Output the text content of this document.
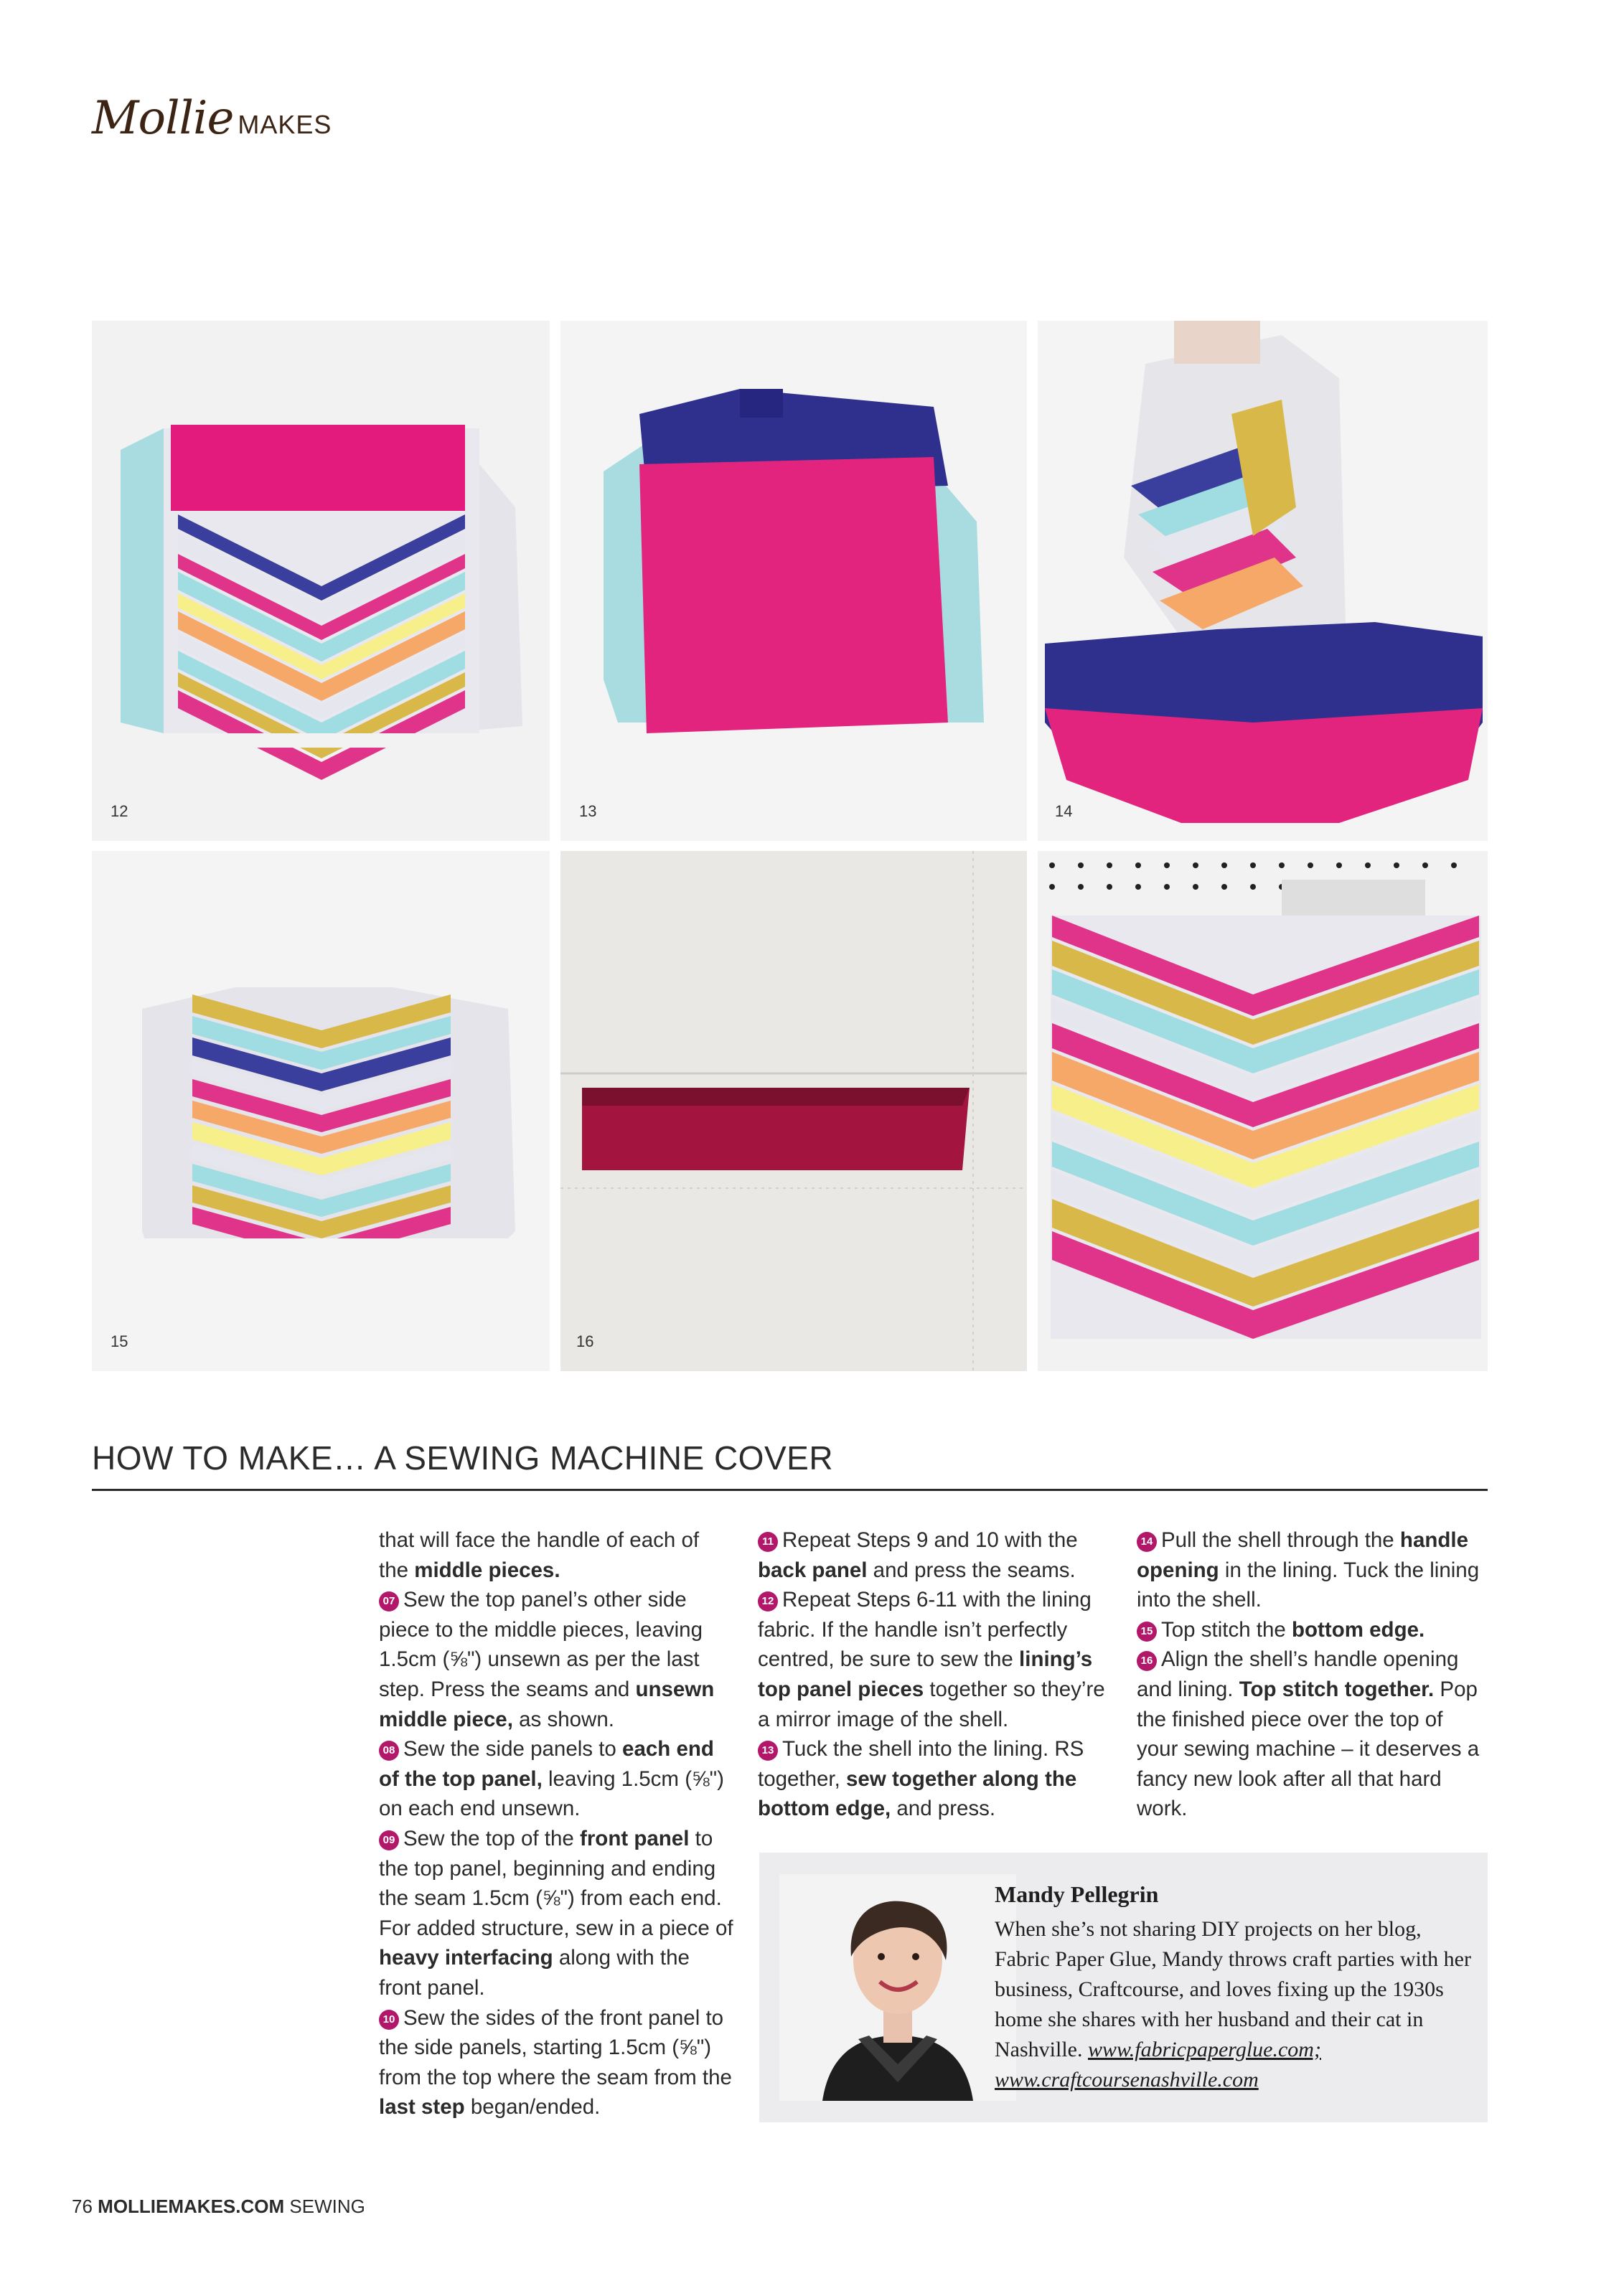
Mollie MAKES
12	13	14
15	16
HOW TO MAKE… A SEWING MACHINE COVER

that will face the handle of each of the middle pieces.

07 Sew the top panel’s other side piece to the middle pieces, leaving 1.5cm (⅝") unsewn as per the last step. Press the seams and unsewn middle piece, as shown.

08 Sew the side panels to each end of the top panel, leaving 1.5cm (⅝") on each end unsewn.

09 Sew the top of the front panel to the top panel, beginning and ending the seam 1.5cm (⅝") from each end. For added structure, sew in a piece of heavy interfacing along with the front panel.

10 Sew the sides of the front panel to the side panels, starting 1.5cm (⅝") from the top where the seam from the last step began/ended.

11 Repeat Steps 9 and 10 with the back panel and press the seams.

12 Repeat Steps 6-11 with the lining fabric. If the handle isn’t perfectly centred, be sure to sew the lining’s top panel pieces together so they’re a mirror image of the shell.

13 Tuck the shell into the lining. RS together, sew together along the bottom edge, and press.

14 Pull the shell through the handle opening in the lining. Tuck the lining into the shell.

15 Top stitch the bottom edge.

16 Align the shell’s handle opening and lining. Top stitch together. Pop the finished piece over the top of your sewing machine – it deserves a fancy new look after all that hard work.

Mandy Pellegrin
When she’s not sharing DIY projects on her blog, Fabric Paper Glue, Mandy throws craft parties with her business, Craftcourse, and loves fixing up the 1930s home she shares with her husband and their cat in Nashville. www.fabricpaperglue.com; www.craftcoursenashville.com
76 MOLLIEMAKES.COM SEWING
